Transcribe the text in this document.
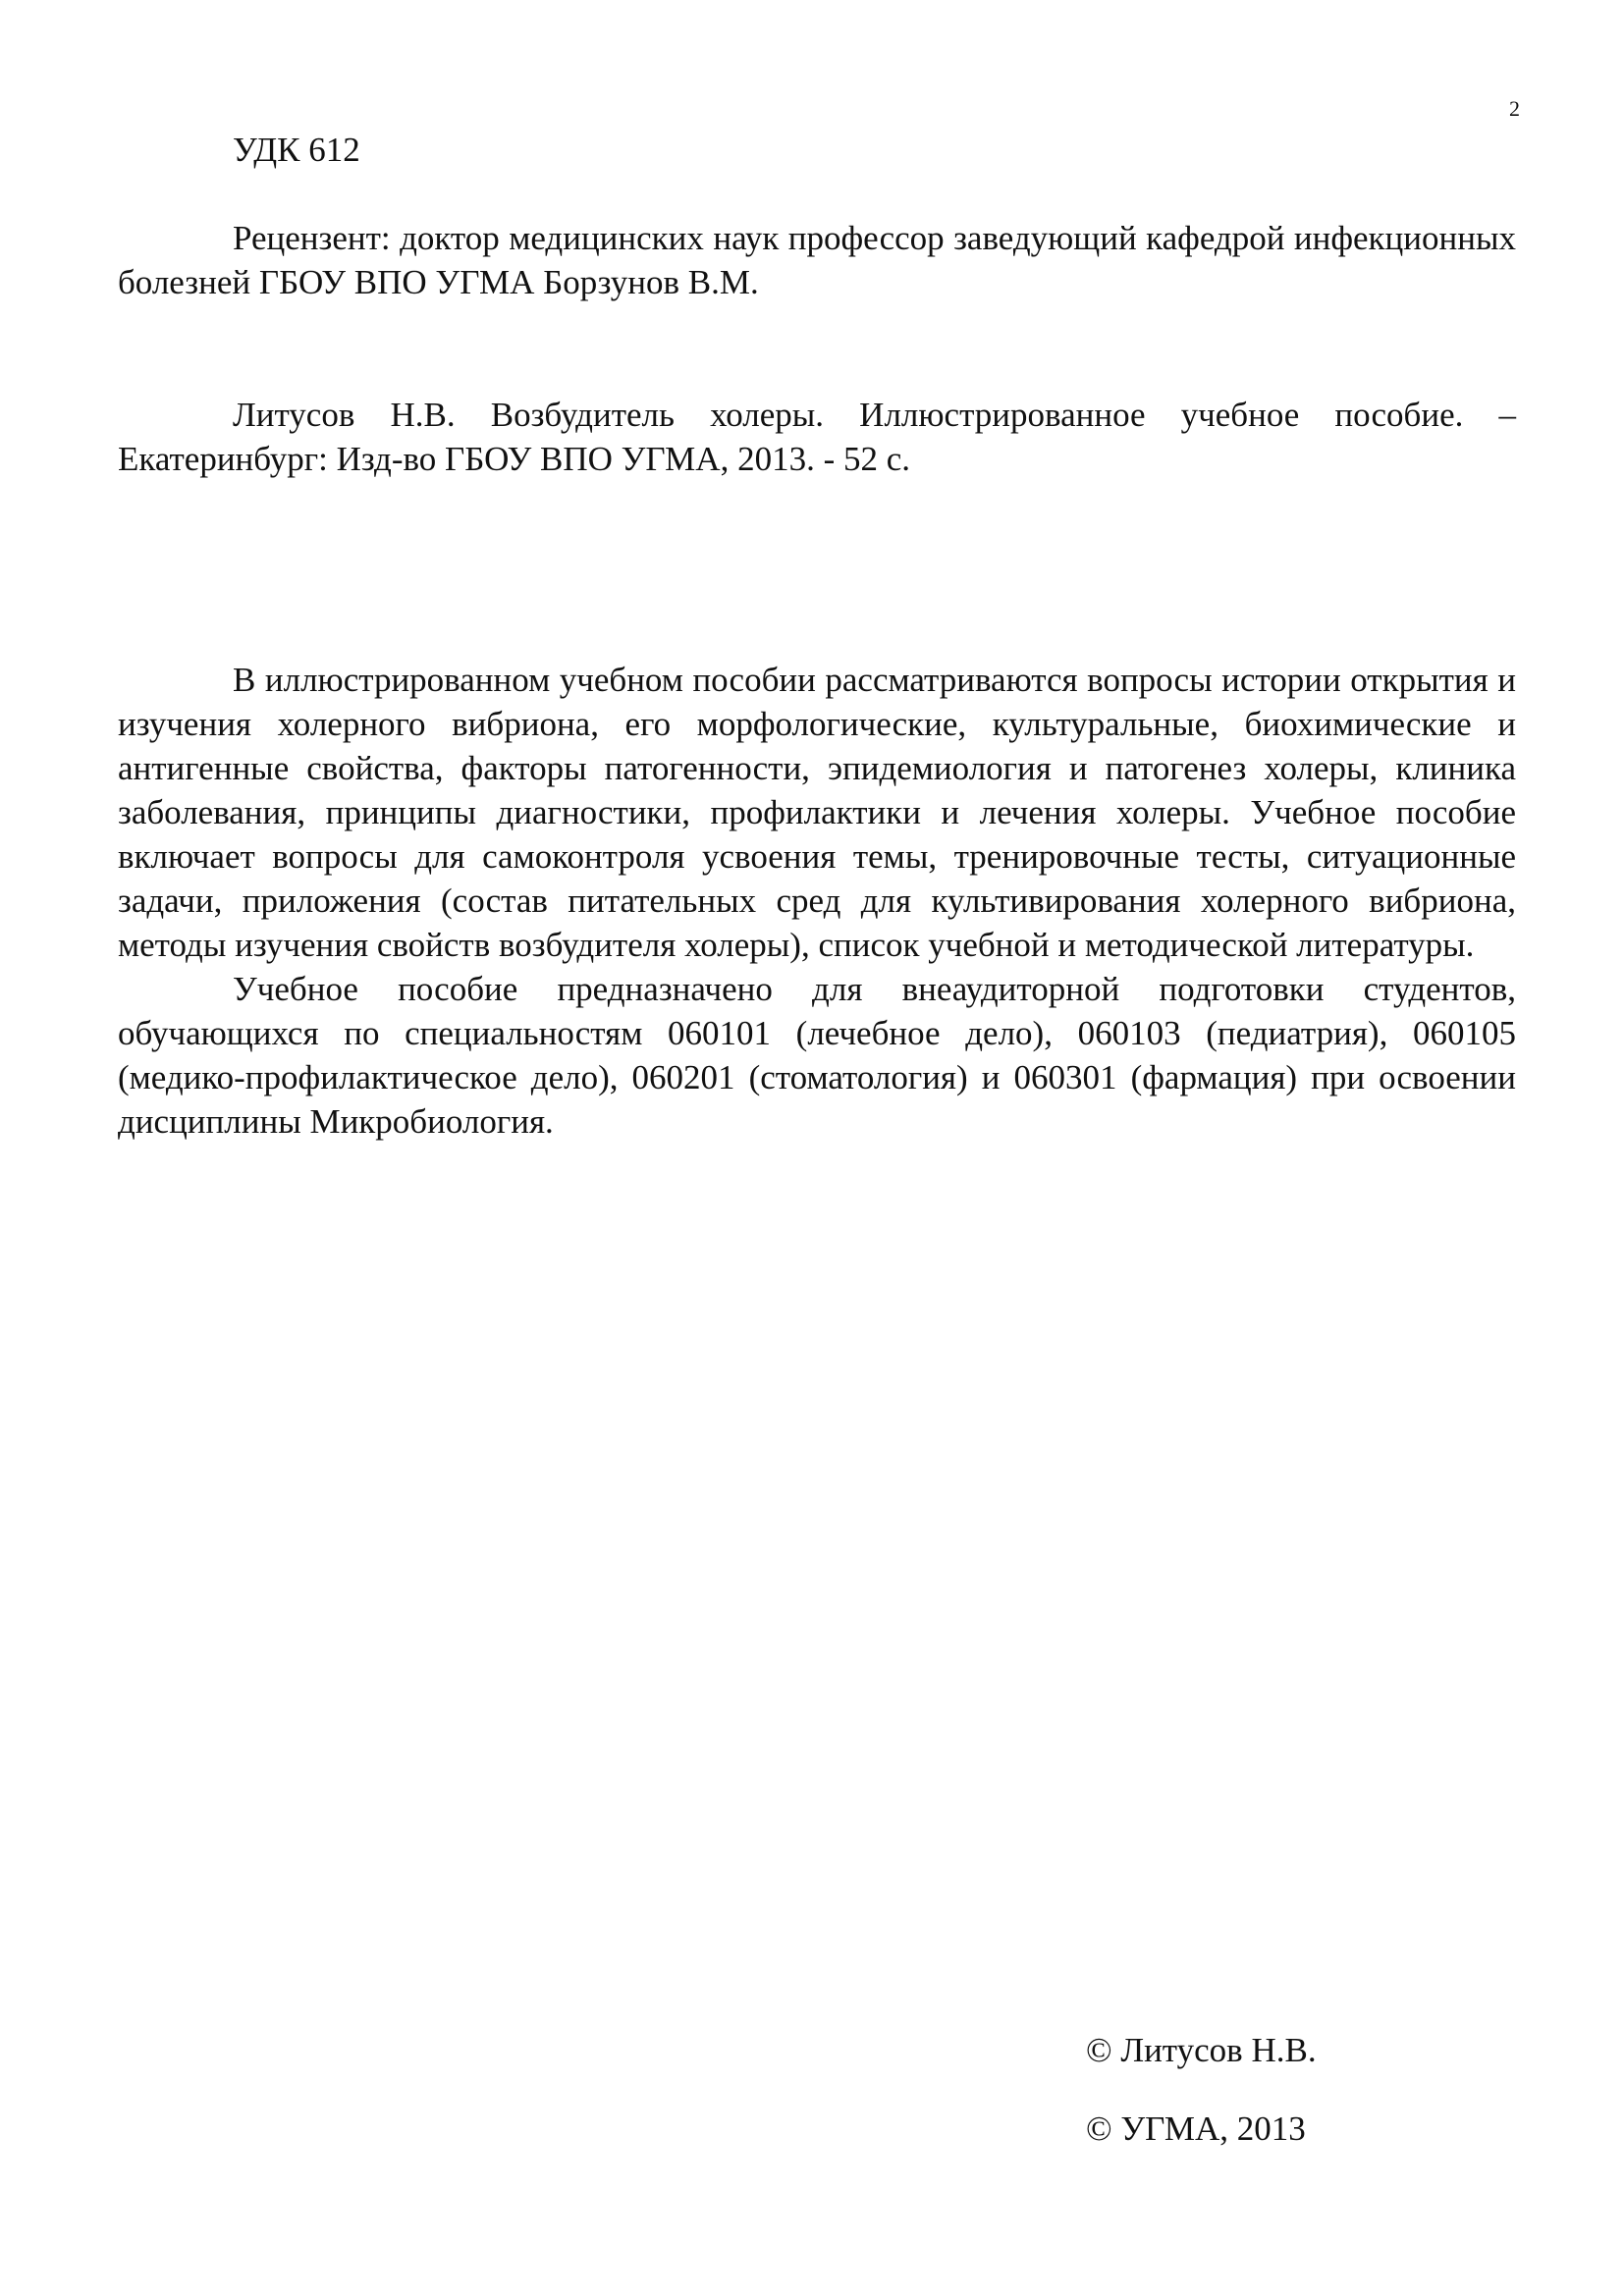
2
УДК 612

Рецензент: доктор медицинских наук профессор заведующий кафедрой инфекционных болезней ГБОУ ВПО УГМА Борзунов В.М.

Литусов Н.В. Возбудитель холеры. Иллюстрированное учебное пособие. – Екатеринбург: Изд-во ГБОУ ВПО УГМА, 2013. - 52 с.

В иллюстрированном учебном пособии рассматриваются вопросы истории открытия и изучения холерного вибриона, его морфологические, культуральные, биохимические и антигенные свойства, факторы патогенности, эпидемиология и патогенез холеры, клиника заболевания, принципы диагностики, профилактики и лечения холеры. Учебное пособие включает вопросы для самоконтроля усвоения темы, тренировочные тесты, ситуационные задачи, приложения (состав питательных сред для культивирования холерного вибриона, методы изучения свойств возбудителя холеры), список учебной и методической литературы.

Учебное пособие предназначено для внеаудиторной подготовки студентов, обучающихся по специальностям 060101 (лечебное дело), 060103 (педиатрия), 060105 (медико-профилактическое дело), 060201 (стоматология) и 060301 (фармация) при освоении дисциплины Микробиология.

© Литусов Н.В.
© УГМА, 2013
